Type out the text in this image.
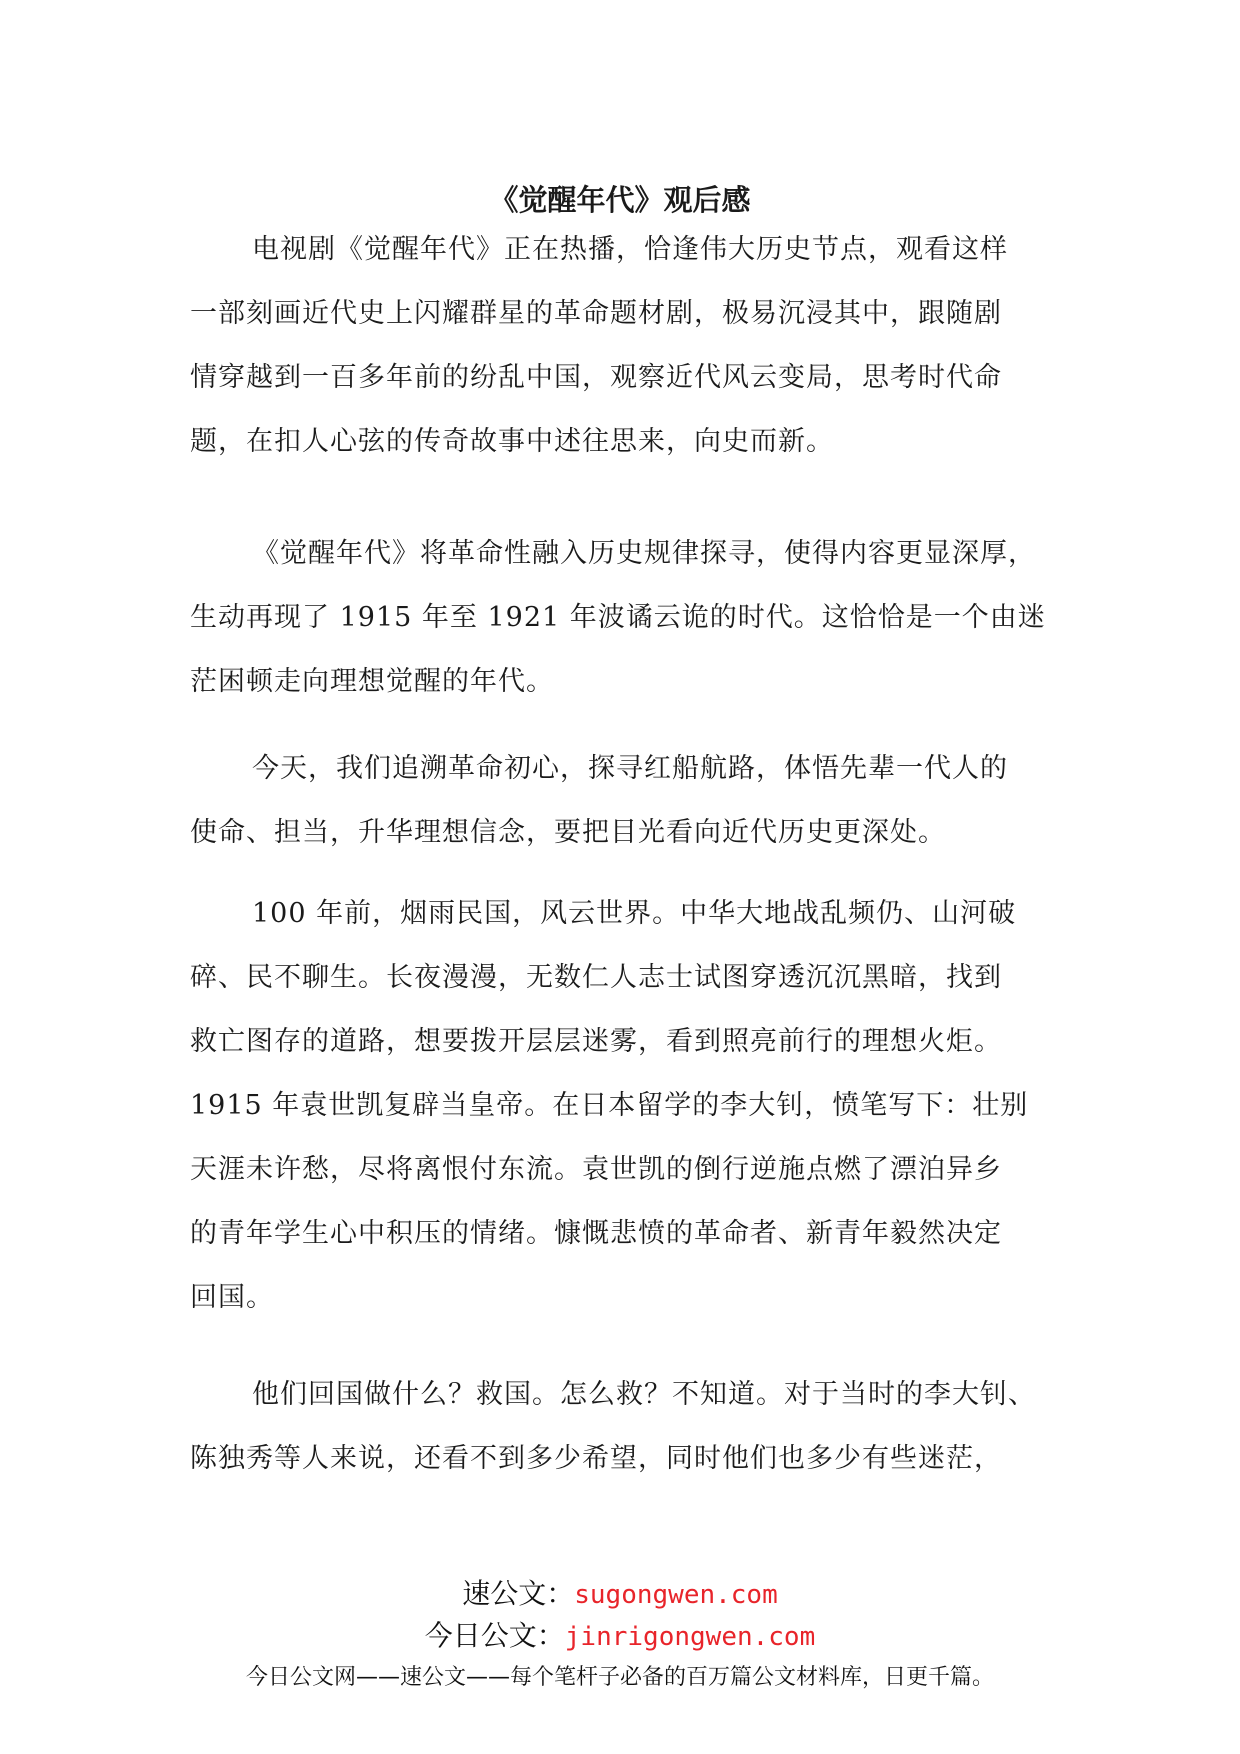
《觉醒年代》观后感
电视剧《觉醒年代》正在热播，恰逢伟大历史节点，观看这样
一部刻画近代史上闪耀群星的革命题材剧，极易沉浸其中，跟随剧
情穿越到一百多年前的纷乱中国，观察近代风云变局，思考时代命
题，在扣人心弦的传奇故事中述往思来，向史而新。
《觉醒年代》将革命性融入历史规律探寻，使得内容更显深厚，
生动再现了 1915 年至 1921 年波谲云诡的时代。这恰恰是一个由迷
茫困顿走向理想觉醒的年代。
今天，我们追溯革命初心，探寻红船航路，体悟先辈一代人的
使命、担当，升华理想信念，要把目光看向近代历史更深处。
100 年前，烟雨民国，风云世界。中华大地战乱频仍、山河破
碎、民不聊生。长夜漫漫，无数仁人志士试图穿透沉沉黑暗，找到
救亡图存的道路，想要拨开层层迷雾，看到照亮前行的理想火炬。
1915 年袁世凯复辟当皇帝。在日本留学的李大钊，愤笔写下：壮别
天涯未许愁，尽将离恨付东流。袁世凯的倒行逆施点燃了漂泊异乡
的青年学生心中积压的情绪。慷慨悲愤的革命者、新青年毅然决定
回国。
他们回国做什么？救国。怎么救？不知道。对于当时的李大钊、
陈独秀等人来说，还看不到多少希望，同时他们也多少有些迷茫，
速公文：sugongwen.com
今日公文：jinrigongwen.com
今日公文网——速公文——每个笔杆子必备的百万篇公文材料库，日更千篇。
